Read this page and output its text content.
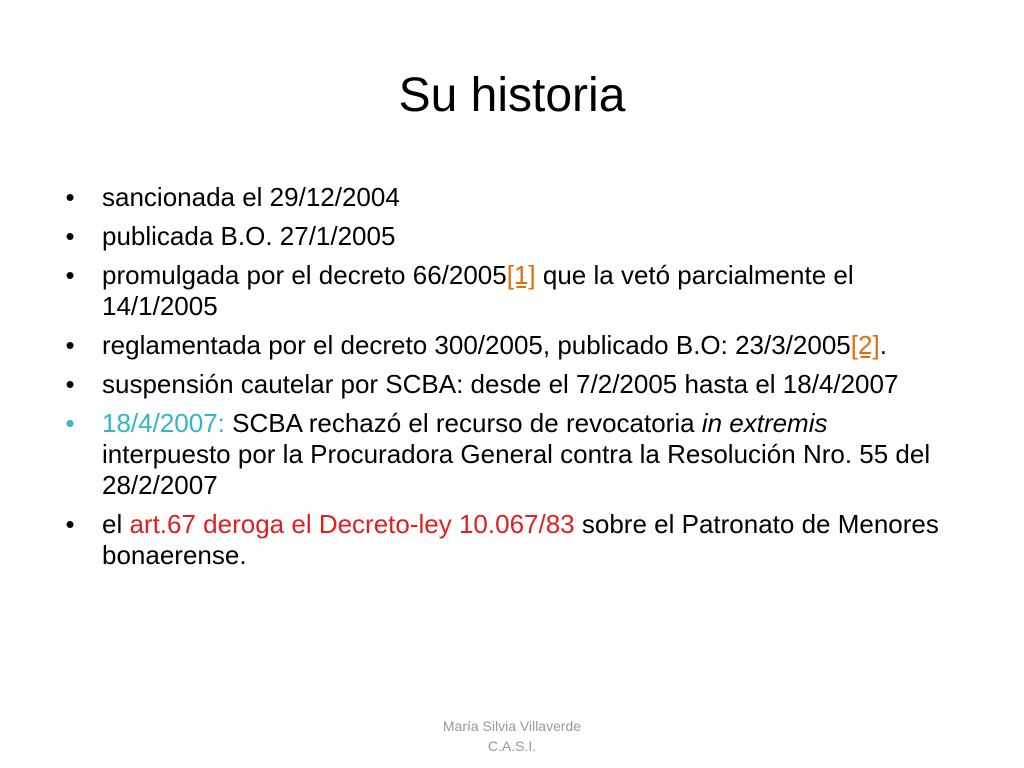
Su historia
• sancionada el 29/12/2004
• publicada B.O. 27/1/2005
• promulgada por el decreto 66/2005[1] que la vetó parcialmente el 14/1/2005
• reglamentada por el decreto 300/2005, publicado B.O: 23/3/2005[2].
• suspensión cautelar por SCBA: desde el 7/2/2005 hasta el 18/4/2007
• 18/4/2007: SCBA rechazó el recurso de revocatoria in extremis interpuesto por la Procuradora General contra la Resolución Nro. 55 del 28/2/2007
• el art.67 deroga el Decreto-ley 10.067/83 sobre el Patronato de Menores bonaerense.
María Silvia Villaverde
C.A.S.I.
